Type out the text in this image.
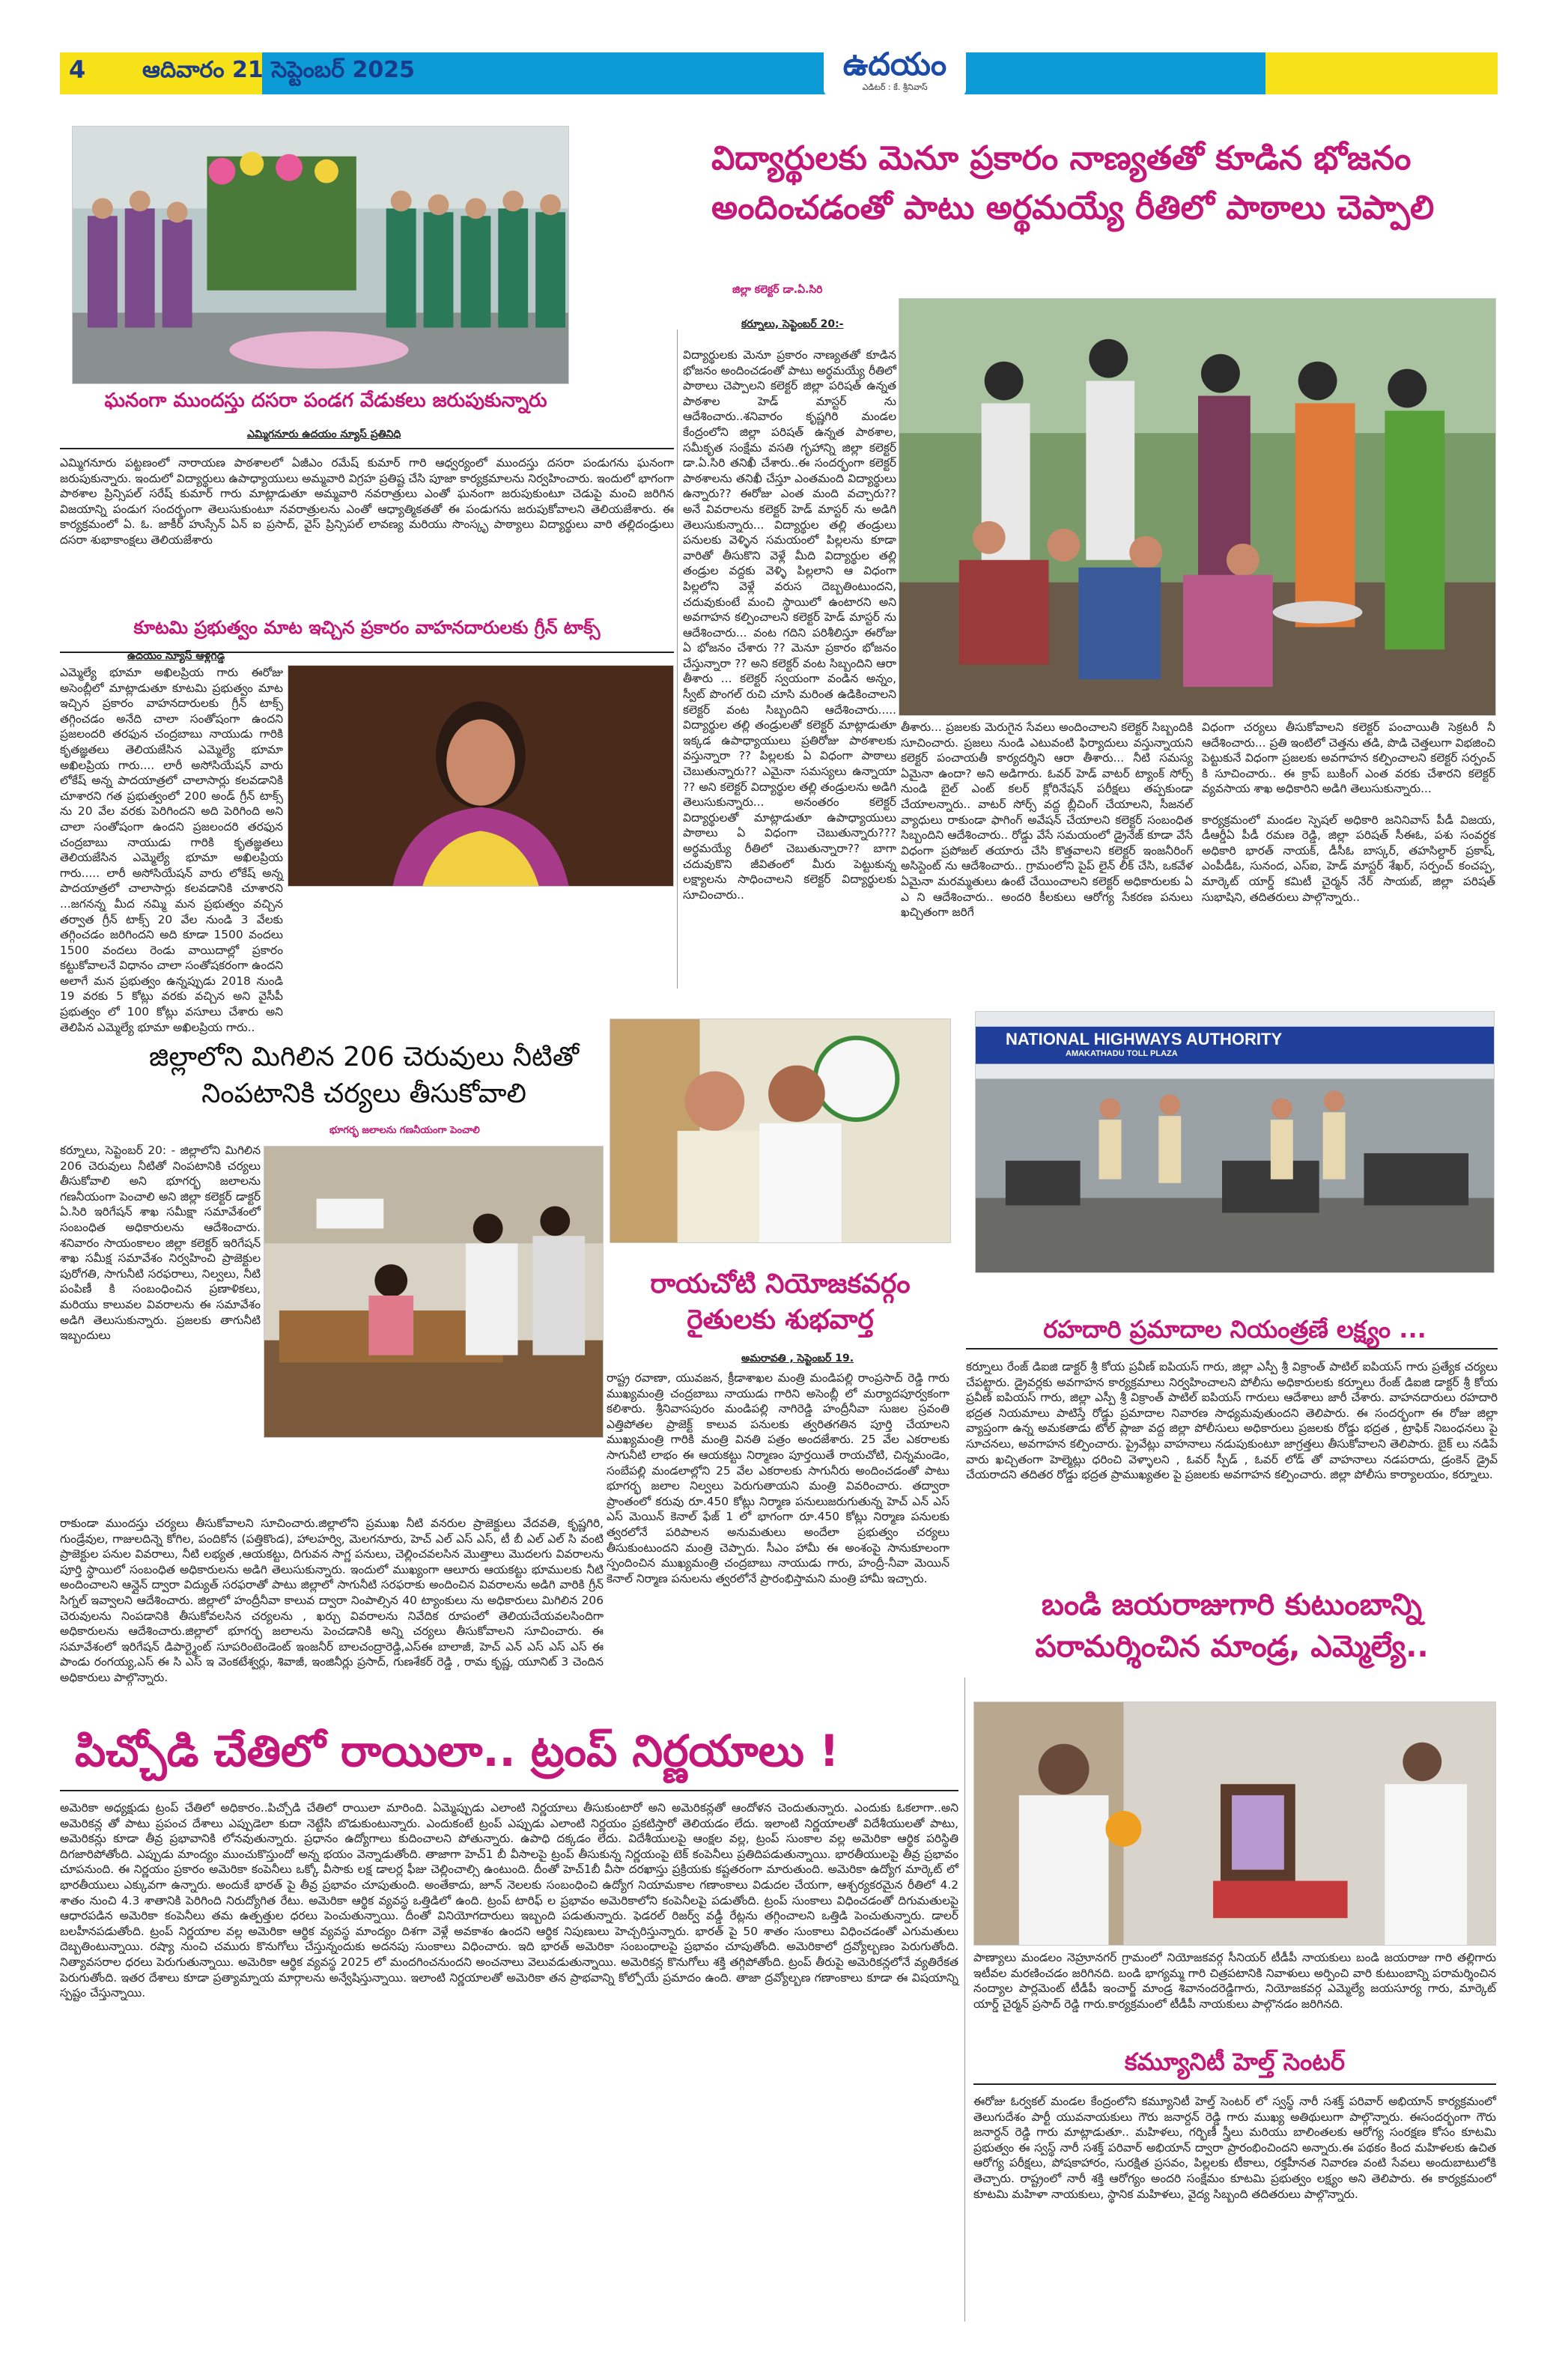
4	ఆదివారం 21 సెప్టెంబర్ 2025	ఉదయం
ఎడిటర్ : కే. శ్రీనివాస్
విద్యార్థులకు మెనూ ప్రకారం నాణ్యతతో కూడిన భోజనం
అందించడంతో పాటు అర్థమయ్యే రీతిలో పాఠాలు చెప్పాలి
జిల్లా కలెక్టర్ డా.ఏ.సిరి
కర్నూలు, సెప్టెంబర్ 20:-
విద్యార్థులకు మెనూ ప్రకారం నాణ్యతతో కూడిన భోజనం అందించడంతో పాటు అర్థమయ్యే రీతిలో పాఠాలు చెప్పాలని కలెక్టర్ జిల్లా పరిషత్ ఉన్నత పాఠశాల హెడ్ మాస్టర్ ను ఆదేశించారు..శనివారం కృష్ణగిరి మండల కేంద్రంలోని జిల్లా పరిషత్ ఉన్నత పాఠశాల, సమీకృత సంక్షేమ వసతి గృహాన్ని జిల్లా కలెక్టర్ డా.ఏ.సిరి తనిఖీ చేశారు..ఈ సందర్భంగా కలెక్టర్ పాఠశాలను తనిఖీ చేస్తూ ఎంతమంది విద్యార్థులు ఉన్నారు?? ఈరోజు ఎంత మంది వచ్చారు?? అనే వివరాలను కలెక్టర్ హెడ్ మాస్టర్ ను అడిగి తెలుసుకున్నారు... విద్యార్థుల తల్లి తండ్రులు పనులకు వెళ్ళిన సమయంలో పిల్లలను కూడా వారితో తీసుకొని వెళ్లే మీది విద్యార్థుల తల్లి తండ్రుల వద్దకు వెళ్ళి పిల్లలాని ఆ విధంగా పిల్లలోని వెళ్లే వరుస దెబ్బతింటుందని, చదువుకుంటే మంచి స్థాయిలో ఉంటారని అని అవగాహన కల్పించాలని కలెక్టర్ హెడ్ మాస్టర్ ను ఆదేశించారు... వంట గదిని పరిశీలిస్తూ ఈరోజు ఏ భోజనం చేశారు ?? మెనూ ప్రకారం భోజనం చేస్తున్నారా ?? అని కలెక్టర్ వంట సిబ్బందిని ఆరా తీశారు ... కలెక్టర్ స్వయంగా వండిన అన్నం, స్వీట్ పొంగల్ రుచి చూసి మరింత ఉడికించాలని కలెక్టర్ వంట సిబ్బందిని ఆదేశించారు..... విద్యార్థుల తల్లి తండ్రులతో కలెక్టర్ మాట్లాడుతూ ఇక్కడ ఉపాధ్యాయులు ప్రతిరోజు పాఠశాలకు వస్తున్నారా ?? పిల్లలకు ఏ విధంగా పాఠాలు చెబుతున్నారు?? ఎమైనా సమస్యలు ఉన్నాయా ?? అని కలెక్టర్ విద్యార్థుల తల్లి తండ్రులను అడిగి తెలుసుకున్నారు... అనంతరం కలెక్టర్ విద్యార్థులతో మాట్లాడుతూ ఉపాధ్యాయులు పాఠాలు ఏ విధంగా చెబుతున్నారు??? అర్థమయ్యే రీతిలో చెబుతున్నారా?? బాగా చదువుకొని జీవితంలో మీరు పెట్టుకున్న లక్ష్యాలను సాధించాలని కలెక్టర్ విద్యార్థులకు సూచించారు..
తీశారు... ప్రజలకు మెరుగైన సేవలు అందించాలని కలెక్టర్ సిబ్బందికి సూచించారు. ప్రజలు నుండి ఎటువంటి ఫిర్యాదులు వస్తున్నాయని కలెక్టర్ పంచాయతీ కార్యదర్శిని ఆరా తీశారు... నీటి సమస్య ఏమైనా ఉందా? అని అడిగారు. ఓవర్ హెడ్ వాటర్ ట్యాంక్ సోర్స్ నుండి బైల్ ఎంట్ కలర్ క్లోరినేషన్ పరీక్షలు తప్పకుండా చేయాలన్నారు.. వాటర్ సోర్స్ వద్ద బ్లీచింగ్ చేయాలని, సీజనల్ వ్యాధులు రాకుండా ఫాగింగ్ అవేషన్ చేయాలని కలెక్టర్ సంబంధిత సిబ్బందిని ఆదేశించారు.. రోడ్డు వేసే సమయంలో డ్రైనేజ్ కూడా వేసే విధంగా ప్రపోజల్ తయారు చేసి కొత్తవాలని కలెక్టర్ ఇంజనీరింగ్ అసిస్టెంట్ ను ఆదేశించారు.. గ్రామంలోని పైప్ లైన్ లీక్ చేసి, ఒకవేళ ఏమైనా మరమ్మతులు ఉంటే చేయించాలని కలెక్టర్ అధికారులకు ఏ ఎ ని ఆదేశించారు.. అందరి కీలకులు ఆరోగ్య సేకరణ పనులు ఖచ్చితంగా జరిగే
విధంగా చర్యలు తీసుకోవాలని కలెక్టర్ పంచాయితీ సెక్రటరీ నీ ఆదేశించారు... ప్రతి ఇంటిలో చెత్తను తడి, పొడి చెత్తలుగా విభజించి పెట్టుకునే విధంగా ప్రజలకు అవగాహన కల్పించాలని కలెక్టర్ సర్పంచ్ కి సూచించారు.. ఈ క్రాప్ బుకింగ్ ఎంత వరకు చేశారని కలెక్టర్ వ్యవసాయ శాఖ అధికారిని అడిగి తెలుసుకున్నారు...

కార్యక్రమంలో మండల స్పెషల్ అధికారి జనినివాస్ పీడీ విజయ, డీఆర్డీఏ పీడీ రమణ రెడ్డి, జిల్లా పరిషత్ సీఈఓ, పశు సంవర్ధక అధికారి భారత్ నాయక్, డీసీఓ బాస్కర్, తహసిల్దార్ ప్రకాష్, ఎంపీడీఓ, సునంద, ఎస్ఐ, హెడ్ మాస్టర్ శేఖర్, సర్పంచ్ కంచప్ప, మార్కెట్ యార్డ్ కమిటీ చైర్మన్ నేర్ సాయబ్, జిల్లా పరిషత్ సుభాషిని, తదితరులు పాల్గొన్నారు..
ఘనంగా ముందస్తు దసరా పండగ వేడుకలు జరుపుకున్నారు
ఎమ్మిగనూరు ఉదయం న్యూస్ ప్రతినిధి
ఎమ్మిగనూరు పట్టణంలో నారాయణ పాఠశాలలో ఏజీఎం రమేష్ కుమార్ గారి ఆధ్వర్యంలో ముందస్తు దసరా పండుగను ఘనంగా జరుపుకున్నారు. ఇందులో విద్యార్థులు ఉపాధ్యాయులు అమ్మవారి విగ్రహ ప్రతిష్ట చేసి పూజా కార్యక్రమాలను నిర్వహించారు. ఇందులో భాగంగా పాఠశాల ప్రిన్సిపల్ సరేష్ కుమార్ గారు మాట్లాడుతూ అమ్మవారి నవరాత్రులు ఎంతో ఘనంగా జరుపుకుంటూ చెడుపై మంచి జరిగిన విజయాన్ని పండుగ సందర్భంగా తెలుసుకుంటూ నవరాత్రులను ఎంతో ఆధ్యాత్మికతతో ఈ పండుగను జరుపుకోవాలని తెలియజేశారు. ఈ కార్యక్రమంలో ఏ. ఓ. జాకీర్ హుస్సేన్ ఏన్ ఐ ప్రసాద్, వైస్ ప్రిన్సిపల్ లావణ్య మరియు సొంస్కృ పాఠ్యాలు విద్యార్థులు వారి తల్లిదండ్రులు దసరా శుభాకాంక్షలు తెలియజేశారు
కూటమి ప్రభుత్వం మాట ఇచ్చిన ప్రకారం వాహనదారులకు గ్రీన్ టాక్స్
ఉదయం న్యూస్ ఆళ్లగడ్డ
ఎమ్మెల్యే భూమా అఖిలప్రియ గారు ఈరోజు అసెంబ్లీలో మాట్లాడుతూ కూటమి ప్రభుత్వం మాట ఇచ్చిన ప్రకారం వాహనదారులకు గ్రీన్ టాక్స్ తగ్గించడం అనేది చాలా సంతోషంగా ఉందని ప్రజలందరి తరఫున చంద్రబాబు నాయుడు గారికి కృతజ్ఞతలు తెలియజేసిన ఎమ్మెల్యే భూమా అఖిలప్రియ గారు.... లారీ అసోసియేషన్ వారు లోకేష్ అన్న పాదయాత్రలో చాలాసార్లు కలవడానికి చూశారని గత ప్రభుత్వంలో 200 అండ్ గ్రీన్ టాక్స్ ను 20 వేల వరకు పెరిగిందని అది పెరిగింది అని చాలా సంతోషంగా ఉందని ప్రజలందరి తరఫున చంద్రబాబు నాయుడు గారికి కృతజ్ఞతలు తెలియజేసిన ఎమ్మెల్యే భూమా అఖిలప్రియ గారు..... లారీ అసోసియేషన్ వారు లోకేష్ అన్న పాదయాత్రలో చాలాసార్లు కలవడానికి చూశారని ...జగనన్న మీద నమ్మి మన ప్రభుత్వం వచ్చిన తర్వాత గ్రీన్ టాక్స్ 20 వేల నుండి 3 వేలకు తగ్గించడం జరిగిందని అది కూడా 1500 వందలు 1500 వందలు రెండు వాయిదాల్లో ప్రకారం కట్టుకోవాలనే విధానం చాలా సంతోషకరంగా ఉందని అలాగే మన ప్రభుత్వం ఉన్నప్పుడు 2018 నుండి 19 వరకు 5 కోట్లు వరకు వచ్చిన అని వైసీపీ ప్రభుత్వం లో 100 కోట్లు వసూలు చేశారు అని తెలిపిన ఎమ్మెల్యే భూమా అఖిలప్రియ గారు..
జిల్లాలోని మిగిలిన 206 చెరువులు నీటితో
నింపటానికి చర్యలు తీసుకోవాలి
భూగర్భ జలాలను గణనీయంగా పెంచాలి
కర్నూలు, సెప్టెంబర్ 20: - జిల్లాలోని మిగిలిన 206 చెరువులు నీటితో నింపటానికి చర్యలు తీసుకోవాలి అని భూగర్భ జలాలను గణనీయంగా పెంచాలి అని జిల్లా కలెక్టర్ డాక్టర్ ఏ.సిరి ఇరిగేషన్ శాఖ సమీక్షా సమావేశంలో సంబంధిత అధికారులను ఆదేశించారు. శనివారం సాయంకాలం జిల్లా కలెక్టర్ ఇరిగేషన్ శాఖ సమీక్ష సమావేశం నిర్వహించి ప్రాజెక్టుల పురోగతి, సాగునీటి సరఫరాలు, నిల్వలు, నీటి పంపిణీ కి సంబంధించిన ప్రణాళికలు, మరియు కాలువల వివరాలను ఈ సమావేశం అడిగి తెలుసుకున్నారు. ప్రజలకు తాగునీటి ఇబ్బందులు
రాకుండా ముందస్తు చర్యలు తీసుకోవాలని సూచించారు.జిల్లాలోని ప్రముఖ నీటి వనరుల ప్రాజెక్టులు వేదవతి, కృష్ణగిరి, గుండ్రేవుల, గాజులదిన్నె కోగిల, పందికోన (పత్తికొండ), హాలహర్వి, మెలగనూరు, హెచ్ ఎల్ ఎస్ ఎస్, టీ బీ ఎల్ ఎల్ సి వంటి ప్రాజెక్టుల పనుల వివరాలు, నీటి లభ్యత ,ఆయకట్టు, దిగువన సాగ్ణ పనులు, చెల్లించవలసిన మొత్తాలు మొదలగు వివరాలను పూర్తి స్థాయిలో సంబంధిత అధికారులను అడిగి తెలుసుకున్నారు. ఇందులో ముఖ్యంగా ఆలూరు ఆయకట్టు భూములకు నీటి అందించాలని ఆన్లైన్ ద్వారా విద్యుత్ సరఫరాతో పాటు జిల్లాలో సాగునీటి సరఫరాకు అందించిన వివరాలను అడిగి వారికి గ్రీన్ సిగ్నల్ ఇవ్వాలని ఆదేశించారు. జిల్లాలో హంద్రీనీవా కాలువ ద్వారా నింపాల్సిన 40 ట్యాంకులు ను అధికారులు మిగిలిన 206 చెరువులను నింపడానికి తీసుకోవలసిన చర్యలను , ఖర్చు వివరాలను నివేదిక రూపంలో తెలియచేయవలసిందిగా అధికారులను ఆదేశించారు.జిల్లాలో భూగర్భ జలాలను పెంచడానికి అన్ని చర్యలు తీసుకోవాలని సూచించారు. ఈ సమావేశంలో ఇరిగేషన్ డిపార్ట్మెంట్ సూపరింటెండెంట్ ఇంజనీర్ బాలచంద్రారెడ్డి,ఎస్ఈ బాలాజీ, హెచ్ ఎన్ ఎస్ ఎస్ ఎస్ ఈ పాండు రంగయ్య,ఎస్ ఈ సి ఎస్ ఇ వెంకటేశ్వర్లు, శివాజీ, ఇంజినీర్లు ప్రసాద్, గుణశేకర్ రెడ్డి , రామ కృష్ణ, యూనిట్ 3 చెందిన అధికారులు పాల్గొన్నారు.
రాయచోటి నియోజకవర్గం
రైతులకు శుభవార్త
అమరావతి , సెప్టెంబర్ 19.
రాష్ట్ర రవాణా, యువజన, క్రీడాశాఖల మంత్రి మండిపల్లి రాంప్రసాద్ రెడ్డి గారు ముఖ్యమంత్రి చంద్రబాబు నాయుడు గారిని అసెంబ్లీ లో మర్యాదపూర్వకంగా కలిశారు. శ్రీనివాసపురం మండిపల్లి నాగిరెడ్డి హంద్రీనీవా సుజల స్రవంతి ఎత్తిపోతల ప్రాజెక్ట్ కాలువ పనులకు త్వరితగతిన పూర్తి చేయాలని ముఖ్యమంత్రి గారికి మంత్రి వినతి పత్రం అందజేశారు. 25 వేల ఎకరాలకు సాగునీటి లాభం ఈ ఆయకట్టు నిర్మాణం పూర్తయితే రాయచోటి, చిన్నమండెం, సంబేపల్లి మండలాల్లోని 25 వేల ఎకరాలకు సాగునీరు అందించడంతో పాటు భూగర్భ జలాల నిల్వలు పెరుగుతాయని మంత్రి వివరించారు. తద్వారా ప్రాంతంలో కరువు రూ.450 కోట్లు నిర్మాణ పనులుజరుగుతున్న హెచ్ ఎన్ ఎస్ ఎస్ మెయిన్ కెనాల్ ఫేజ్ 1 లో భాగంగా రూ.450 కోట్లు నిర్మాణ పనులకు త్వరలోనే పరిపాలన అనుమతులు అందేలా ప్రభుత్వం చర్యలు తీసుకుంటుందని మంత్రి చెప్పారు. సీఎం హామీ ఈ అంశంపై సానుకూలంగా స్పందించిన ముఖ్యమంత్రి చంద్రబాబు నాయుడు గారు, హంద్రీ-నీవా మెయిన్ కెనాల్ నిర్మాణ పనులను త్వరలోనే ప్రారంభిస్తామని మంత్రి హామీ ఇచ్చారు.
NATIONAL HIGHWAYS AUTHORITY
AMAKATHADU TOLL PLAZA
రహదారి ప్రమాదాల నియంత్రణే లక్ష్యం ...
కర్నూలు రేంజ్ డిఐజి డాక్టర్ శ్రీ కోయ ప్రవీణ్ ఐపియస్ గారు, జిల్లా ఎస్పీ శ్రీ విక్రాంత్ పాటిల్ ఐపియస్ గారు ప్రత్యేక చర్యలు చేపట్టారు. డ్రైవర్లకు అవగాహన కార్యక్రమాలు నిర్వహించాలని పోలీసు అధికారులకు కర్నూలు రేంజ్ డిఐజి డాక్టర్ శ్రీ కోయ ప్రవీణ్ ఐపియస్ గారు, జిల్లా ఎస్పీ శ్రీ విక్రాంత్ పాటిల్ ఐపియస్ గారులు ఆదేశాలు జారీ చేశారు. వాహనదారులు రహదారి భద్రత నియమాలు పాటిస్తే రోడ్డు ప్రమాదాల నివారణ సాధ్యమవుతుందని తెలిపారు. ఈ సందర్భంగా ఈ రోజు జిల్లా వ్యాప్తంగా ఉన్న అమకతాడు టోల్ ప్లాజా వద్ద జిల్లా పోలీసులు అధికారులు ప్రజలకు రోడ్డు భద్రత , ట్రాఫిక్ నిబంధనలు పై సూచనలు, అవగాహన కల్పించారు. ప్రైవేట్లు వాహనాలు నడుపుకుంటూ జాగ్రత్తలు తీసుకోవాలని తెలిపారు. బైక్ లు నడిపే వారు ఖచ్చితంగా హెల్మెట్లు ధరించి వెళ్ళాలని , ఓవర్ స్పీడ్ , ఓవర్ లోడ్ తో వాహనాలు నడపరాదు, డ్రంకెన్ డ్రైవ్ చేయరాదని తదితర రోడ్డు భద్రత ప్రాముఖ్యతల పై ప్రజలకు అవగాహన కల్పించారు. జిల్లా పోలీసు కార్యాలయం, కర్నూలు.
బండి జయరాజుగారి కుటుంబాన్ని
పరామర్శించిన మాండ్ర, ఎమ్మెల్యే..
పిచ్చోడి చేతిలో రాయిలా.. ట్రంప్ నిర్ణయాలు !
అమెరికా అధ్యక్షుడు ట్రంప్ చేతిలో అధికారం..పిచ్చోడి చేతిలో రాయిలా మారింది. ఏమ్మెప్పుడు ఎలాంటి నిర్ణయాలు తీసుకుంటారో అని అమెరికన్లతో ఆందోళన చెందుతున్నారు. ఎందుకు ఓకలాగా..అని అమెరికన్ల తో పాటు ప్రపంచ దేశాలు ఎప్పుడెలా కుదా నెట్టేసి బొడుకుంటున్నారు. ఎందుకంటే ట్రంప్ ఎప్పుడు ఎలాంటి నిర్ణయం ప్రకటిస్తారో తెలియడం లేదు. ఇలాంటి నిర్ణయాలతో విదేశీయులతో పాటు, అమెరికన్లు కూడా తీవ్ర ప్రభావానికి లోనవుతున్నారు. ప్రధానం ఉద్యోగాలు కుదించాలని పోతున్నారు. ఉపాధి దక్కడం లేదు. విదేశీయులపై ఆంక్షల వల్ల, ట్రంప్ సుంకాల వల్ల అమెరికా ఆర్థిక పరిస్థితి దిగజారిపోతోంది. ఎప్పుడు మాంద్యం ముంచుకొస్తుందో అన్న భయం వెన్నాడుతోంది. తాజాగా హెచ్1 బీ వీసాలపై ట్రంప్ తీసుకున్న నిర్ణయంపై టెక్ కంపెనీలు ప్రతిదిపడుతున్నాయి. భారతీయులపై తీవ్ర ప్రభావం చూపనుంది. ఈ నిర్ణయం ప్రకారం అమెరికా కంపెనీలు ఒక్కో వీసాకు లక్ష డాలర్ల ఫీజు చెల్లించాల్సి ఉంటుంది. దీంతో హెచ్1బీ వీసా దరఖాస్తు ప్రక్రియకు కష్టతరంగా మారుతుంది. అమెరికా ఉద్యోగ మార్కెట్ లో భారతీయులు ఎక్కువగా ఉన్నారు. అందుకే భారత్ పై తీవ్ర ప్రభావం చూపుతుంది. అంతేకాదు, జూన్ నెలలకు సంబంధించి ఉద్యోగ నియామకాల గణాంకాలు విడుదల చేయగా, ఆశ్చర్యకరమైన రీతిలో 4.2 శాతం నుంచి 4.3 శాతానికి పెరిగింది నిరుద్యోగిత రేటు. అమెరికా ఆర్థిక వ్యవస్థ ఒత్తిడిలో ఉంది. ట్రంప్ టారిఫ్ ల ప్రభావం అమెరికాలోని కంపెనీలపై పడుతోంది. ట్రంప్ సుంకాలు విధించడంతో దిగుమతులపై ఆధారపడిన అమెరికా కంపెనీలు తమ ఉత్పత్తుల ధరలు పెంచుతున్నాయి. దీంతో వినియోగదారులు ఇబ్బంది పడుతున్నారు. ఫెడరల్ రిజర్వ్ వడ్డీ రేట్లను తగ్గించాలని ఒత్తిడి పెంచుతున్నారు. డాలర్ బలహీనపడుతోంది. ట్రంప్ నిర్ణయాల వల్ల అమెరికా ఆర్థిక వ్యవస్థ మాంద్యం దిశగా వెళ్లే అవకాశం ఉందని ఆర్థిక నిపుణులు హెచ్చరిస్తున్నారు. భారత్ పై 50 శాతం సుంకాలు విధించడంతో ఎగుమతులు దెబ్బతింటున్నాయి. రష్యా నుంచి చమురు కొనుగోలు చేస్తున్నందుకు అదనపు సుంకాలు విధించారు. ఇది భారత్ అమెరికా సంబంధాలపై ప్రభావం చూపుతోంది. అమెరికాలో ద్రవ్యోల్బణం పెరుగుతోంది. నిత్యావసరాల ధరలు పెరుగుతున్నాయి. అమెరికా ఆర్థిక వ్యవస్థ 2025 లో మందగించనుందని అంచనాలు వెలువడుతున్నాయి. అమెరికన్ల కొనుగోలు శక్తి తగ్గిపోతోంది. ట్రంప్ తీరుపై అమెరికన్లలోనే వ్యతిరేకత పెరుగుతోంది. ఇతర దేశాలు కూడా ప్రత్యామ్నాయ మార్గాలను అన్వేషిస్తున్నాయి. ఇలాంటి నిర్ణయాలతో అమెరికా తన ప్రాభవాన్ని కోల్పోయే ప్రమాదం ఉంది. తాజా ద్రవ్యోల్బణ గణాంకాలు కూడా ఈ విషయాన్ని స్పష్టం చేస్తున్నాయి.
పాణ్యాలు మండలం నెహ్రూనగర్ గ్రామంలో నియోజకవర్గ సీనియర్ టీడీపీ నాయకులు బండి జయరాజు గారి తల్లిగారు ఇటీవల మరణించడం జరిగినది. బండి భాగ్యమ్మ గారి చిత్రపటానికి నివాళులు అర్పించి వారి కుటుంబాన్ని పరామర్శించిన నంద్యాల పార్లమెంట్ టీడీపీ ఇంచార్జ్ మాండ్ర శివానందరెడ్డిగారు, నియోజకవర్గ ఎమ్మెల్యే జయసూర్య గారు, మార్కెట్ యార్డ్ చైర్మన్ ప్రసాద్ రెడ్డి గారు.కార్యక్రమంలో టీడీపీ నాయకులు పాల్గొనడం జరిగినది.
కమ్యూనిటీ హెల్త్ సెంటర్
ఈరోజు ఓర్వకల్ మండల కేంద్రంలోని కమ్యూనిటీ హెల్త్ సెంటర్ లో స్వస్థ్ నారీ సశక్త్ పరివార్ అభియాన్ కార్యక్రమంలో తెలుగుదేశం పార్టీ యువనాయకులు గౌరు జనార్దన్ రెడ్డి గారు ముఖ్య అతిథులుగా పాల్గొన్నారు. ఈసందర్భంగా గౌరు జనార్దన్ రెడ్డి గారు మాట్లాడుతూ.. మహిళలు, గర్భిణీ స్త్రీలు మరియు బాలింతలకు ఆరోగ్య సంరక్షణ కోసం కూటమి ప్రభుత్వం ఈ స్వస్థ్ నారీ సశక్త్ పరివార్ అభియాన్ ద్వారా ప్రారంభించిందని అన్నారు.ఈ పథకం కింద మహిళలకు ఉచిత ఆరోగ్య పరీక్షలు, పోషకాహారం, సురక్షిత ప్రసవం, పిల్లలకు టీకాలు, రక్తహీనత నివారణ వంటి సేవలు అందుబాటులోకి తెచ్చారు. రాష్ట్రంలో నారీ శక్తి ఆరోగ్యం అందరి సంక్షేమం కూటమి ప్రభుత్వం లక్ష్యం అని తెలిపారు. ఈ కార్యక్రమంలో కూటమి మహిళా నాయకులు, స్థానిక మహిళలు, వైద్య సిబ్బంది తదితరులు పాల్గొన్నారు.
